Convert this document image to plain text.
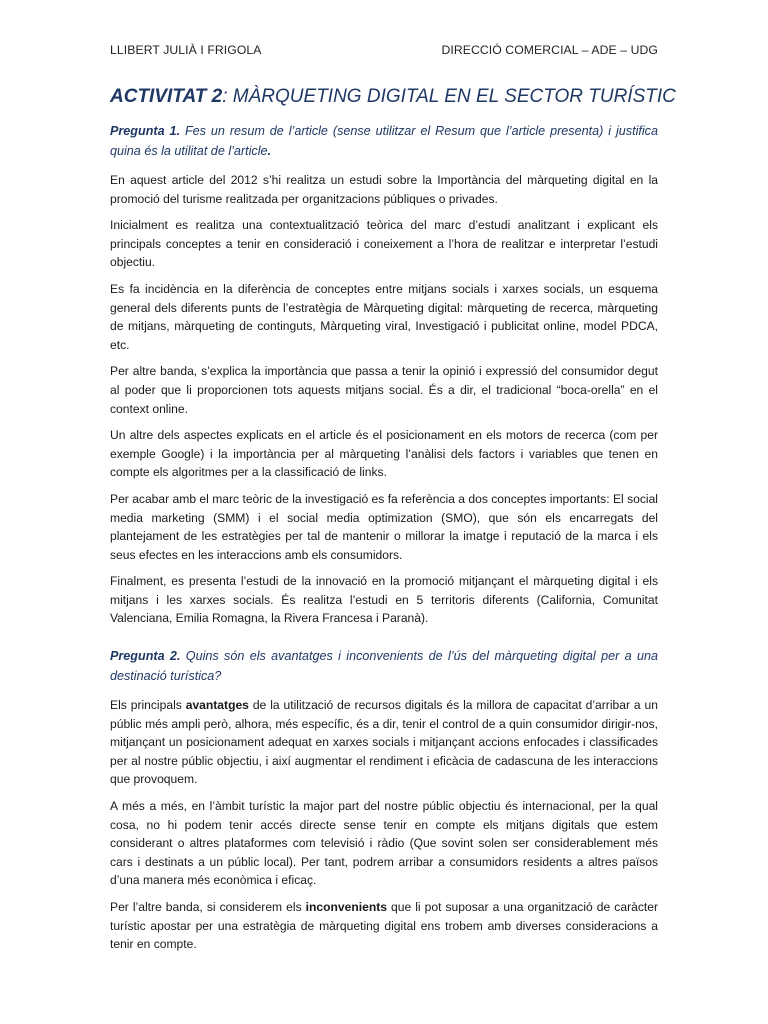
LLIBERT JULIÀ I FRIGOLA	DIRECCIÓ COMERCIAL – ADE – UDG
ACTIVITAT 2: MÀRQUETING DIGITAL EN EL SECTOR TURÍSTIC
Pregunta 1. Fes un resum de l’article (sense utilitzar el Resum que l’article presenta) i justifica quina és la utilitat de l’article.

En aquest article del 2012 s’hi realitza un estudi sobre la Importància del màrqueting digital en la promoció del turisme realitzada per organitzacions públiques o privades.

Inicialment es realitza una contextualització teòrica del marc d’estudi analitzant i explicant els principals conceptes a tenir en consideració i coneixement a l’hora de realitzar e interpretar l’estudi objectiu.

Es fa incidència en la diferència de conceptes entre mitjans socials i xarxes socials, un esquema general dels diferents punts de l’estratègia de Màrqueting digital: màrqueting de recerca, màrqueting de mitjans, màrqueting de continguts, Màrqueting viral, Investigació i publicitat online, model PDCA, etc.

Per altre banda, s’explica la importància que passa a tenir la opinió i expressió del consumidor degut al poder que li proporcionen tots aquests mitjans social. És a dir, el tradicional “boca-orella” en el context online.

Un altre dels aspectes explicats en el article és el posicionament en els motors de recerca (com per exemple Google) i la importància per al màrqueting l’anàlisi dels factors i variables que tenen en compte els algoritmes per a la classificació de links.

Per acabar amb el marc teòric de la investigació es fa referència a dos conceptes importants: El social media marketing (SMM) i el social media optimization (SMO), que són els encarregats del plantejament de les estratègies per tal de mantenir o millorar la imatge i reputació de la marca i els seus efectes en les interaccions amb els consumidors.

Finalment, es presenta l’estudi de la innovació en la promoció mitjançant el màrqueting digital i els mitjans i les xarxes socials. És realitza l’estudi en 5 territoris diferents (California, Comunitat Valenciana, Emilia Romagna, la Rivera Francesa i Paranà).

Pregunta 2. Quins són els avantatges i inconvenients de l’ús del màrqueting digital per a una destinació turística?

Els principals avantatges de la utilització de recursos digitals és la millora de capacitat d’arribar a un públic més ampli però, alhora, més específic, és a dir, tenir el control de a quin consumidor dirigir-nos, mitjançant un posicionament adequat en xarxes socials i mitjançant accions enfocades i classificades per al nostre públic objectiu, i així augmentar el rendiment i eficàcia de cadascuna de les interaccions que provoquem.

A més a més, en l’àmbit turístic la major part del nostre públic objectiu és internacional, per la qual cosa, no hi podem tenir accés directe sense tenir en compte els mitjans digitals que estem considerant o altres plataformes com televisió i ràdio (Que sovint solen ser considerablement més cars i destinats a un públic local). Per tant, podrem arribar a consumidors residents a altres països d’una manera més econòmica i eficaç.

Per l’altre banda, si considerem els inconvenients que li pot suposar a una organització de caràcter turístic apostar per una estratègia de màrqueting digital ens trobem amb diverses consideracions a tenir en compte.
